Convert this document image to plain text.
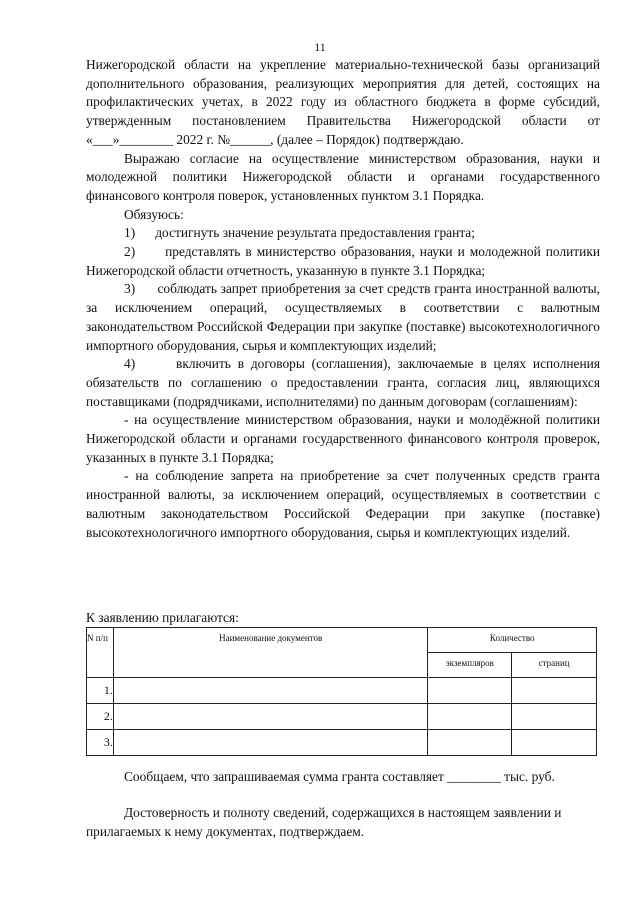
11

Нижегородской области на укрепление материально-технической базы организаций дополнительного образования, реализующих мероприятия для детей, состоящих на профилактических учетах, в 2022 году из областного бюджета в форме субсидий, утвержденным постановлением Правительства Нижегородской области от «___»________ 2022 г. №______, (далее – Порядок) подтверждаю.

Выражаю согласие на осуществление министерством образования, науки и молодежной политики Нижегородской области и органами государственного финансового контроля поверок, установленных пунктом 3.1 Порядка.

Обязуюсь:

1)      достигнуть значение результата предоставления гранта;

2)      представлять в министерство образования, науки и молодежной политики Нижегородской области отчетность, указанную в пункте 3.1 Порядка;

3)      соблюдать запрет приобретения за счет средств гранта иностранной валюты, за исключением операций, осуществляемых в соответствии с валютным законодательством Российской Федерации при закупке (поставке) высокотехнологичного импортного оборудования, сырья и комплектующих изделий;

4)      включить в договоры (соглашения), заключаемые в целях исполнения обязательств по соглашению о предоставлении гранта, согласия лиц, являющихся поставщиками (подрядчиками, исполнителями) по данным договорам (соглашениям):

- на осуществление министерством образования, науки и молодёжной политики Нижегородской области и органами государственного финансового контроля проверок, указанных в пункте 3.1 Порядка;

- на соблюдение запрета на приобретение за счет полученных средств гранта иностранной валюты, за исключением операций, осуществляемых в соответствии с валютным законодательством Российской Федерации при закупке (поставке) высокотехнологичного импортного оборудования, сырья и комплектующих изделий.

К заявлению прилагаются:
N п/п	Наименование документов	Количество	
		экземпляров	страниц
1.			
2.			
3.			

Сообщаем, что запрашиваемая сумма гранта составляет ________ тыс. руб.

Достоверность и полноту сведений, содержащихся в настоящем заявлении и прилагаемых к нему документах, подтверждаем.
